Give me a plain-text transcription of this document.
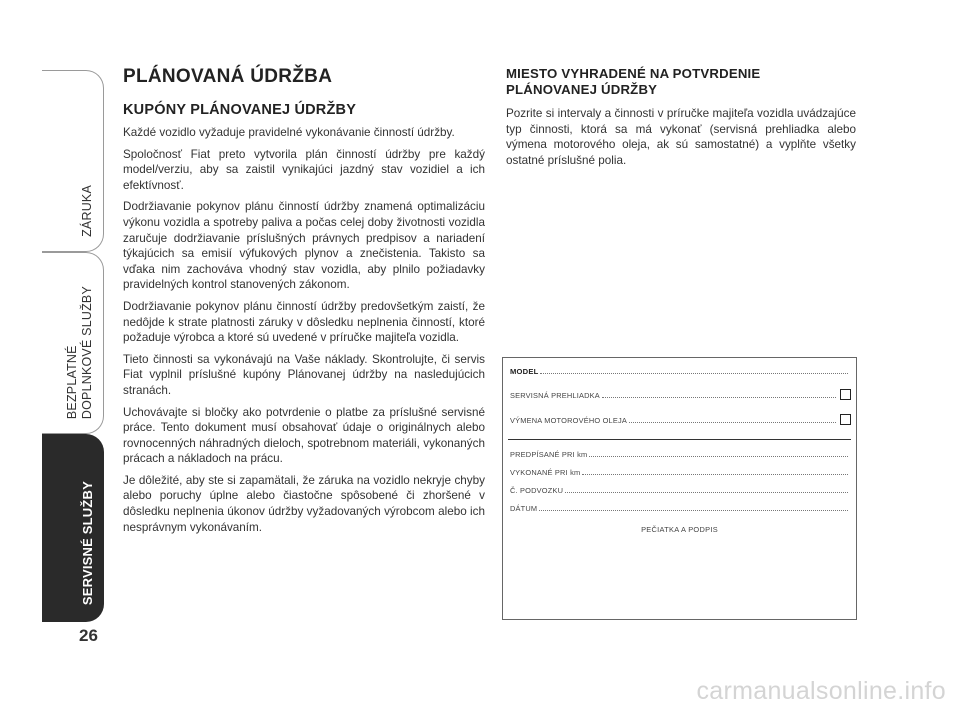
ZÁRUKA
BEZPLATNÉ
DOPLNKOVÉ SLUŽBY
SERVISNÉ SLUŽBY
26
PLÁNOVANÁ ÚDRŽBA
KUPÓNY PLÁNOVANEJ ÚDRŽBY

Každé vozidlo vyžaduje pravidelné vykonávanie činností údržby.

Spoločnosť Fiat preto vytvorila plán činností údržby pre každý model/verziu, aby sa zaistil vynikajúci jazdný stav vozidiel a ich efektívnosť.

Dodržiavanie pokynov plánu činností údržby znamená optimalizáciu výkonu vozidla a spotreby paliva a počas celej doby životnosti vozidla zaručuje dodržiavanie príslušných právnych predpisov a nariadení týkajúcich sa emisií výfukových plynov a znečistenia. Takisto sa vďaka nim zachováva vhodný stav vozidla, aby plnilo požiadavky pravidelných kontrol stanovených zákonom.

Dodržiavanie pokynov plánu činností údržby predovšetkým zaistí, že nedôjde k strate platnosti záruky v dôsledku neplnenia činností, ktoré požaduje výrobca a ktoré sú uvedené v príručke majiteľa vozidla.

Tieto činnosti sa vykonávajú na Vaše náklady. Skontrolujte, či servis Fiat vyplnil príslušné kupóny Plánovanej údržby na nasledujúcich stranách.

Uchovávajte si bločky ako potvrdenie o platbe za príslušné servisné práce. Tento dokument musí obsahovať údaje o originálnych alebo rovnocenných náhradných dieloch, spotrebnom materiáli, vykonaných prácach a nákladoch na prácu.

Je dôležité, aby ste si zapamätali, že záruka na vozidlo nekryje chyby alebo poruchy úplne alebo čiastočne spôsobené či zhoršené v dôsledku neplnenia úkonov údržby vyžadovaných výrobcom alebo ich nesprávnym vykonávaním.

MIESTO VYHRADENÉ NA POTVRDENIE
PLÁNOVANEJ ÚDRŽBY

Pozrite si intervaly a činnosti v príručke majiteľa vozidla uvádzajúce typ činnosti, ktorá sa má vykonať (servisná prehliadka alebo výmena motorového oleja, ak sú samostatné) a vyplňte všetky ostatné príslušné polia.

MODEL
SERVISNÁ PREHLIADKA
VÝMENA MOTOROVÉHO OLEJA
PREDPÍSANÉ PRI km
VYKONANÉ PRI km
Č. PODVOZKU
DÁTUM
PEČIATKA A PODPIS
carmanualsonline.info
